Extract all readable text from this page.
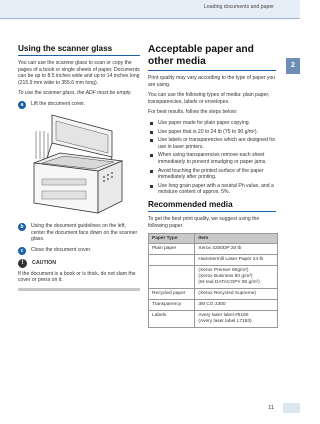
Loading documents and paper
2
Using the scanner glass

You can use the scanner glass to scan or copy the pages of a book or single sheets of paper. Documents can be up to 8.5 inches wide and up to 14 inches long (215.9 mm wide to 355.6 mm long).

To use the scanner glass, the ADF must be empty.

a	Lift the document cover.
b	Using the document guidelines on the left, center the document face down on the scanner glass.
c	Close the document cover.
!	CAUTION

If the document is a book or is thick, do not slam the cover or press on it.

Acceptable paper and other media

Print quality may vary according to the type of paper you are using.

You can use the following types of media: plain paper, transparencies, labels or envelopes.

For best results, follow the steps below:

Use paper made for plain paper copying.
Use paper that is 20 to 24 lb (75 to 90 g/m²).
Use labels or transparencies which are designed for use in laser printers.
When using transparencies remove each sheet immediately to prevent smudging or paper jams.
Avoid touching the printed surface of the paper immediately after printing.
Use long grain paper with a neutral Ph value, and a moisture content of approx. 5%.
Recommended media

To get the best print quality, we suggest using the following paper.

Paper Type	Item
Plain paper	Xerox 4200DP 20 lb
	Hammermill Laser Paper 24 lb
	(Xerox Premier 80g/m²)
(Xerox Business 80 g/m²)
(M-real DATACOPY 80 g/m²)
Recycled paper	(Xerox Recycled Supreme)
Transparency	3M CG 3300
Labels	Avery laser label #5160
(Avery laser label L7163)
11
